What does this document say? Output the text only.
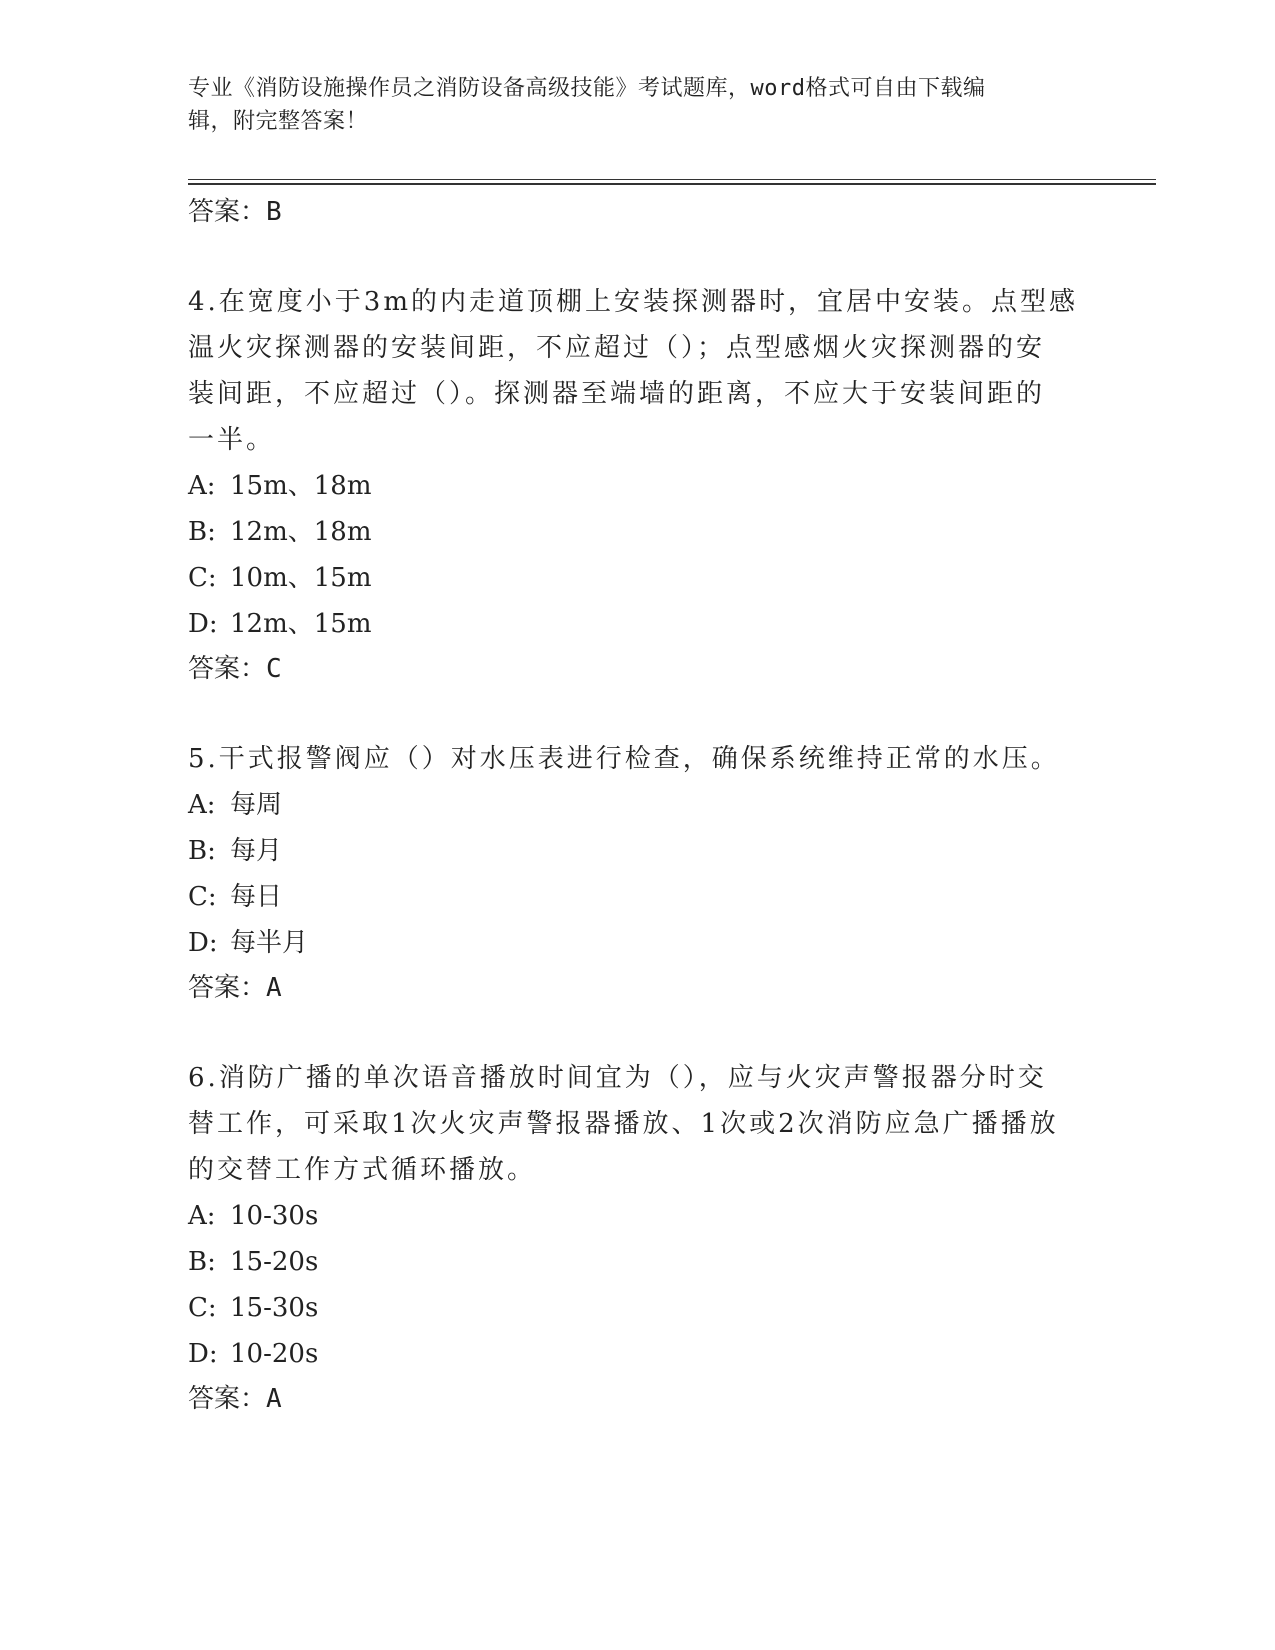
专业《消防设施操作员之消防设备高级技能》考试题库，word格式可自由下载编
辑，附完整答案！
答案：B
4.在宽度小于3m的内走道顶棚上安装探测器时，宜居中安装。点型感
温火灾探测器的安装间距，不应超过（）；点型感烟火灾探测器的安
装间距，不应超过（）。探测器至端墙的距离，不应大于安装间距的
一半。
A: 15m、18m
B: 12m、18m
C: 10m、15m
D: 12m、15m
答案：C
5.干式报警阀应（）对水压表进行检查，确保系统维持正常的水压。
A: 每周
B: 每月
C: 每日
D: 每半月
答案：A
6.消防广播的单次语音播放时间宜为（），应与火灾声警报器分时交
替工作，可采取1次火灾声警报器播放、1次或2次消防应急广播播放
的交替工作方式循环播放。
A: 10-30s
B: 15-20s
C: 15-30s
D: 10-20s
答案：A
